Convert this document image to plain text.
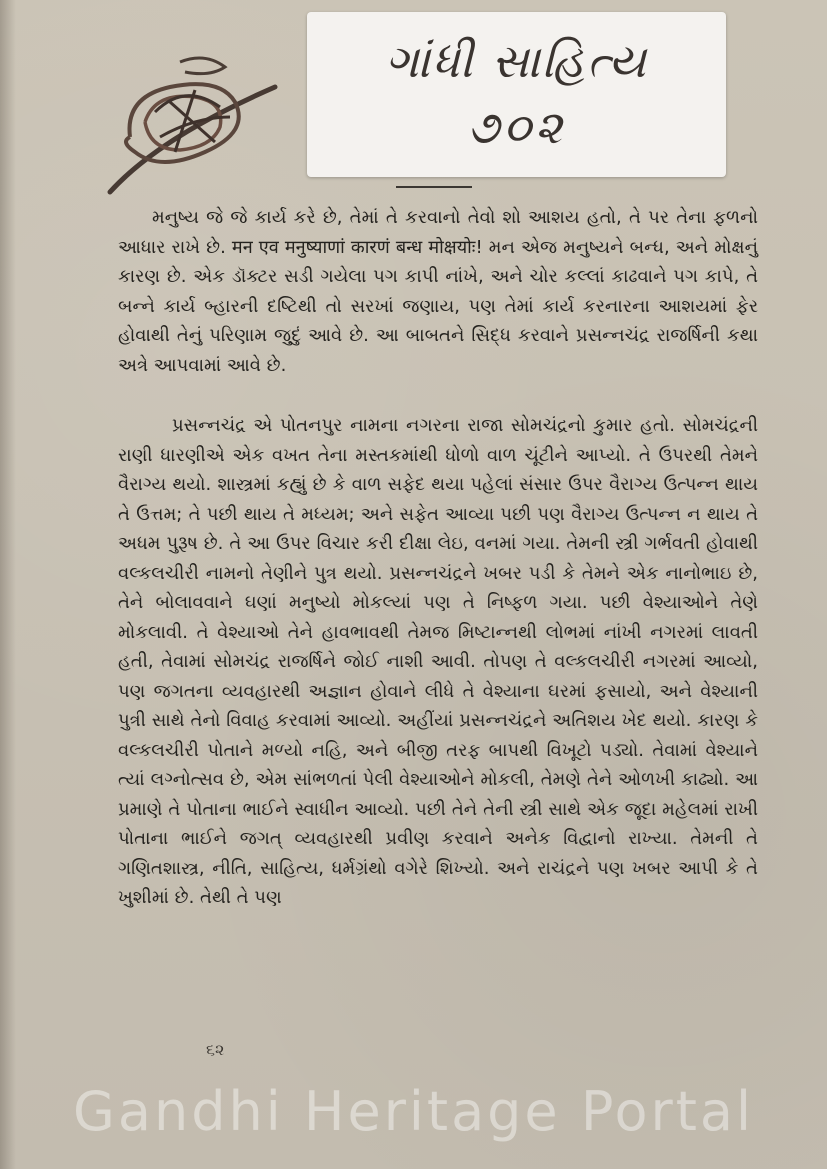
ગાંધી સાહિત્ય
૭૦૨

મનુષ્ય જે જે કાર્ય કરે છે, તેમાં તે કરવાનો તેવો શો આશય હતો, તે પર તેના ફળનો આધાર રાખે છે. मन एव मनुष्याणां कारणं बन्ध मोक्षयोः! મન એજ મનુષ્યને બન્ધ, અને મોક્ષનું કારણ છે. એક ડૉક્ટર સડી ગયેલા પગ કાપી નાંખે, અને ચોર કલ્લાં કાઢવાને પગ કાપે, તે બન્ને કાર્ય બ્હારની દષ્ટિથી તો સરખાં જણાય, પણ તેમાં કાર્ય કરનારના આશયમાં ફેર હોવાથી તેનું પરિણામ જુદું આવે છે. આ બાબતને સિદ્ધ કરવાને પ્રસન્નચંદ્ર રાજર્ષિની કથા અત્રે આપવામાં આવે છે.

પ્રસન્નચંદ્ર એ પોતનપુર નામના નગરના રાજા સોમચંદ્રનો કુમાર હતો. સોમચંદ્રની રાણી ધારણીએ એક વખત તેના મસ્તકમાંથી ધોળો વાળ ચૂંટીને આપ્યો. તે ઉપરથી તેમને વૈરાગ્ય થયો. શાસ્ત્રમાં કહ્યું છે કે વાળ સફેદ થયા પહેલાં સંસાર ઉપર વૈરાગ્ય ઉત્પન્ન થાય તે ઉત્તમ; તે પછી થાય તે મધ્યમ; અને સફેત આવ્યા પછી પણ વૈરાગ્ય ઉત્પન્ન ન થાય તે અધમ પુરૂષ છે. તે આ ઉપર વિચાર કરી દીક્ષા લેઇ, વનમાં ગયા. તેમની સ્ત્રી ગર્ભવતી હોવાથી વલ્કલચીરી નામનો તેણીને પુત્ર થયો. પ્રસન્નચંદ્રને ખબર પડી કે તેમને એક નાનોભાઇ છે, તેને બોલાવવાને ઘણાં મનુષ્યો મોકલ્યાં પણ તે નિષ્ફળ ગયા. પછી વેશ્યાઓને તેણે મોકલાવી. તે વેશ્યાઓ તેને હાવભાવથી તેમજ મિષ્ટાન્નથી લોભમાં નાંખી નગરમાં લાવતી હતી, તેવામાં સોમચંદ્ર રાજર્ષિને જોઈ નાશી આવી. તોપણ તે વલ્કલચીરી નગરમાં આવ્યો, પણ જગતના વ્યવહારથી અજ્ઞાન હોવાને લીધે તે વેશ્યાના ઘરમાં ફસાયો, અને વેશ્યાની પુત્રી સાથે તેનો વિવાહ કરવામાં આવ્યો. અહીંયાં પ્રસન્નચંદ્રને અતિશય ખેદ થયો. કારણ કે વલ્કલચીરી પોતાને મળ્યો નહિ, અને બીજી તરફ બાપથી વિખૂટો પડ્યો. તેવામાં વેશ્યાને ત્યાં લગ્નોત્સવ છે, એમ સાંભળતાં પેલી વેશ્યાઓને મોકલી, તેમણે તેને ઓળખી કાઢ્યો. આ પ્રમાણે તે પોતાના ભાઈને સ્વાધીન આવ્યો. પછી તેને તેની સ્ત્રી સાથે એક જૂદા મહેલમાં રાખી પોતાના ભાઈને જગત્ વ્યવહારથી પ્રવીણ કરવાને અનેક વિદ્વાનો રાખ્યા. તેમની તે ગણિતશાસ્ત્ર, નીતિ, સાહિત્ય, ધર્મગ્રંથો વગેરે શિખ્યો. અને રાચંદ્રને પણ ખબર આપી કે તે ખુશીમાં છે. તેથી તે પણ

૬૨
Gandhi Heritage Portal
